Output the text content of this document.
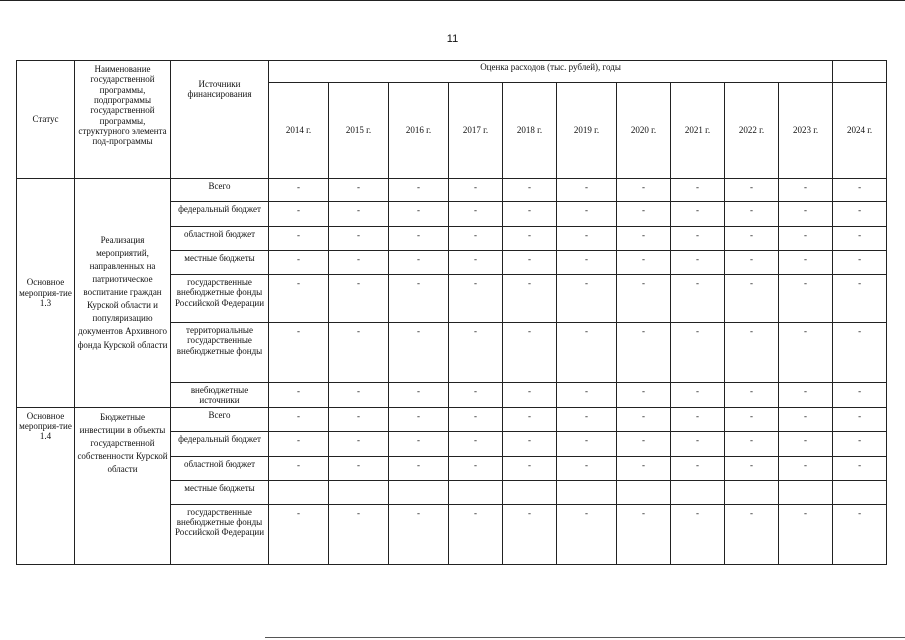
11
Статус	Наименование государственной программы, подпрограммы государственной программы, структурного элемента под-программы	Источники финансирования	Оценка расходов (тыс. рублей), годы										
			2014 г.	2015 г.	2016 г.	2017 г.	2018 г.	2019 г.	2020 г.	2021 г.	2022 г.	2023 г.	2024 г.
Основное мероприя-тие 1.3	Реализация мероприятий, направленных на патриотическое воспитание граждан Курской области и популяризацию документов Архивного фонда Курской области	Всего	-	-	-	-	-	-	-	-	-	-	-
		федеральный бюджет	-	-	-	-	-	-	-	-	-	-	-
		областной бюджет	-	-	-	-	-	-	-	-	-	-	-
		местные бюджеты	-	-	-	-	-	-	-	-	-	-	-
		государственные внебюджетные фонды Российской Федерации	-	-	-	-	-	-	-	-	-	-	-
		территориальные государственные внебюджетные фонды	-	-	-	-	-	-	-	-	-	-	-
		внебюджетные источники	-	-	-	-	-	-	-	-	-	-	-
Основное мероприя-тие 1.4	Бюджетные инвестиции в объекты государственной собственности Курской области	Всего	-	-	-	-	-	-	-	-	-	-	-
		федеральный бюджет	-	-	-	-	-	-	-	-	-	-	-
		областной бюджет	-	-	-	-	-	-	-	-	-	-	-
		местные бюджеты											
		государственные внебюджетные фонды Российской Федерации	-	-	-	-	-	-	-	-	-	-	-
